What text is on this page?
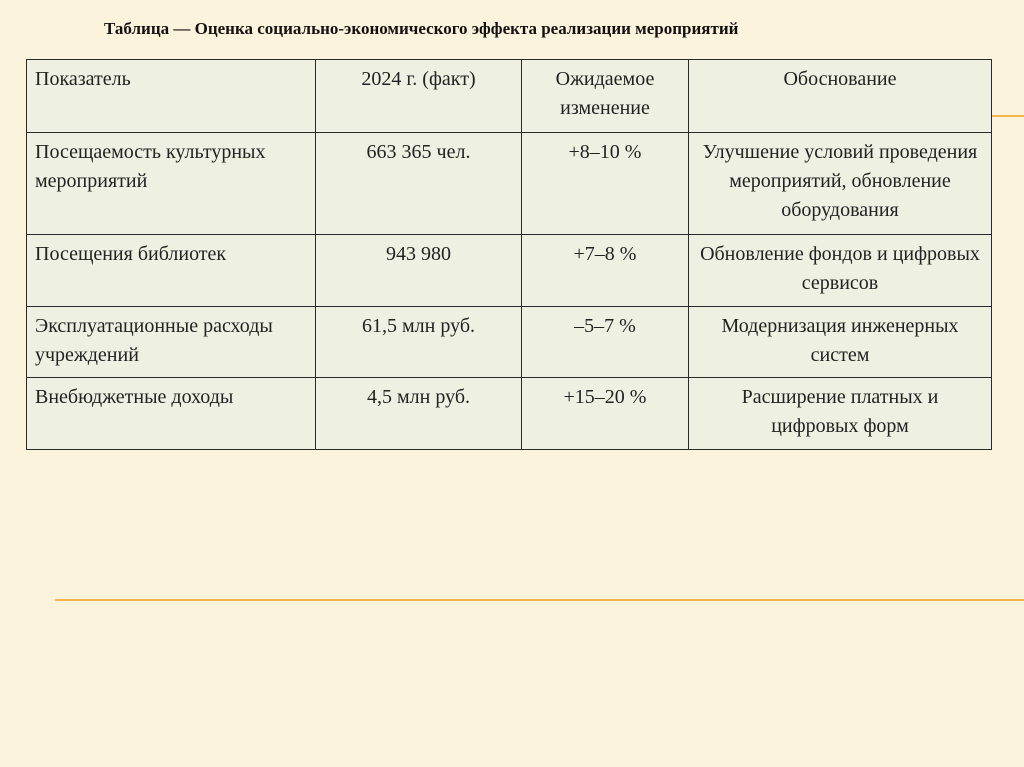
Таблица — Оценка социально-экономического эффекта реализации мероприятий
Показатель	2024 г. (факт)	Ожидаемое изменение	Обоснование
Посещаемость культурных мероприятий	663 365 чел.	+8–10 %	Улучшение условий проведения мероприятий, обновление оборудования
Посещения библиотек	943 980	+7–8 %	Обновление фондов и цифровых сервисов
Эксплуатационные расходы учреждений	61,5 млн руб.	–5–7 %	Модернизация инженерных систем
Внебюджетные доходы	4,5 млн руб.	+15–20 %	Расширение платных и цифровых форм
